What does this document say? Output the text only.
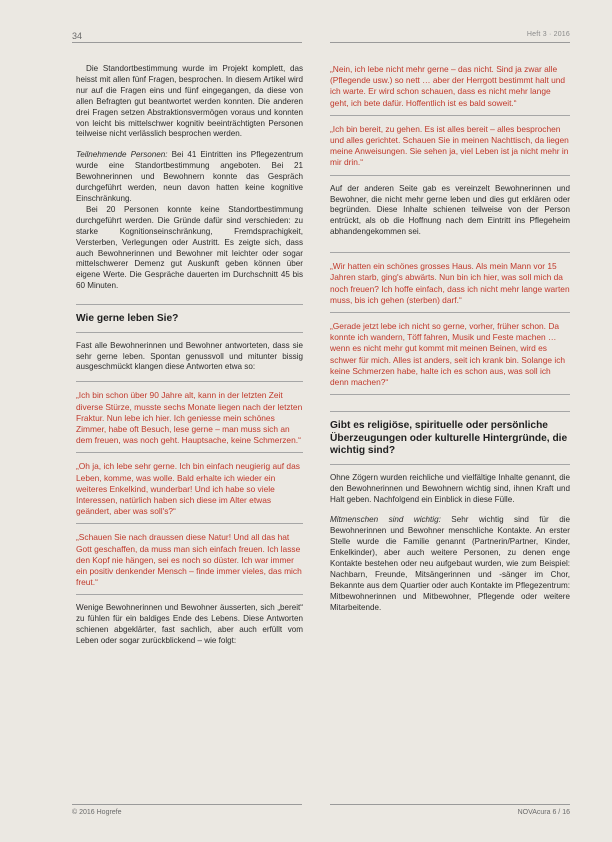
34	Heft 3 · 2016

Die Standortbestimmung wurde im Projekt komplett, das heisst mit allen fünf Fragen, besprochen. In diesem Artikel wird nur auf die Fragen eins und fünf eingegangen, da diese von allen Befragten gut beantwortet werden konnten. Die anderen drei Fragen setzen Abstraktionsvermögen voraus und konnten von leicht bis mittelschwer kognitiv beeinträchtigten Personen teilweise nicht verlässlich besprochen werden.

Teilnehmende Personen: Bei 41 Eintritten ins Pflegezentrum wurde eine Standortbestimmung angeboten. Bei 21 Bewohnerinnen und Bewohnern konnte das Gespräch durchgeführt werden, neun davon hatten keine kognitive Einschränkung.

Bei 20 Personen konnte keine Standortbestimmung durchgeführt werden. Die Gründe dafür sind verschieden: zu starke Kognitionseinschränkung, Fremdsprachigkeit, Versterben, Verlegungen oder Austritt. Es zeigte sich, dass auch Bewohnerinnen und Bewohner mit leichter oder sogar mittelschwerer Demenz gut Auskunft geben können über eigene Werte. Die Gespräche dauerten im Durchschnitt 45 bis 60 Minuten.

Wie gerne leben Sie?

Fast alle Bewohnerinnen und Bewohner antworteten, dass sie sehr gerne leben. Spontan genussvoll und mitunter bissig ausgeschmückt klangen diese Antworten etwa so:

„Ich bin schon über 90 Jahre alt, kann in der letzten Zeit diverse Stürze, musste sechs Monate liegen nach der letzten Fraktur. Nun lebe ich hier. Ich geniesse mein schönes Zimmer, habe oft Besuch, lese gerne – man muss sich an dem freuen, was noch geht. Hauptsache, keine Schmerzen.“

„Oh ja, ich lebe sehr gerne. Ich bin einfach neugierig auf das Leben, komme, was wolle. Bald erhalte ich wieder ein weiteres Enkelkind, wunderbar! Und ich habe so viele Interessen, natürlich haben sich diese im Alter etwas geändert, aber was soll's?“

„Schauen Sie nach draussen diese Natur! Und all das hat Gott geschaffen, da muss man sich einfach freuen. Ich lasse den Kopf nie hängen, sei es noch so düster. Ich war immer ein positiv denkender Mensch – finde immer vieles, das mich freut.“

Wenige Bewohnerinnen und Bewohner äusserten, sich „bereit“ zu fühlen für ein baldiges Ende des Lebens. Diese Antworten schienen abgeklärter, fast sachlich, aber auch erfüllt vom Leben oder sogar zurückblickend – wie folgt:

„Nein, ich lebe nicht mehr gerne – das nicht. Sind ja zwar alle (Pflegende usw.) so nett … aber der Herrgott bestimmt halt und ich warte. Er wird schon schauen, dass es nicht mehr lange geht, ich bete dafür. Hoffentlich ist es bald soweit.“

„Ich bin bereit, zu gehen. Es ist alles bereit – alles besprochen und alles gerichtet. Schauen Sie in meinen Nachttisch, da liegen meine Anweisungen. Sie sehen ja, viel Leben ist ja nicht mehr in mir drin.“

Auf der anderen Seite gab es vereinzelt Bewohnerinnen und Bewohner, die nicht mehr gerne leben und dies gut erklären oder begründen. Diese Inhalte schienen teilweise von der Person entrückt, als ob die Hoffnung nach dem Eintritt ins Pflegeheim abhandengekommen sei.

„Wir hatten ein schönes grosses Haus. Als mein Mann vor 15 Jahren starb, ging's abwärts. Nun bin ich hier, was soll mich da noch freuen? Ich hoffe einfach, dass ich nicht mehr lange warten muss, bis ich gehen (sterben) darf.“

„Gerade jetzt lebe ich nicht so gerne, vorher, früher schon. Da konnte ich wandern, Töff fahren, Musik und Feste machen … wenn es nicht mehr gut kommt mit meinen Beinen, wird es schwer für mich. Alles ist anders, seit ich krank bin. Solange ich keine Schmerzen habe, halte ich es schon aus, was soll ich denn machen?“

Gibt es religiöse, spirituelle oder persönliche Überzeugungen oder kulturelle Hintergründe, die wichtig sind?

Ohne Zögern wurden reichliche und vielfältige Inhalte genannt, die den Bewohnerinnen und Bewohnern wichtig sind, ihnen Kraft und Halt geben. Nachfolgend ein Einblick in diese Fülle.

Mitmenschen sind wichtig: Sehr wichtig sind für die Bewohnerinnen und Bewohner menschliche Kontakte. An erster Stelle wurde die Familie genannt (Partnerin/Partner, Kinder, Enkelkinder), aber auch weitere Personen, zu denen enge Kontakte bestehen oder neu aufgebaut wurden, wie zum Beispiel: Nachbarn, Freunde, Mitsängerinnen und -sänger im Chor, Bekannte aus dem Quartier oder auch Kontakte im Pflegezentrum: Mitbewohnerinnen und Mitbewohner, Pflegende oder weitere Mitarbeitende.

© 2016 Hogrefe	NOVAcura 6 / 16
